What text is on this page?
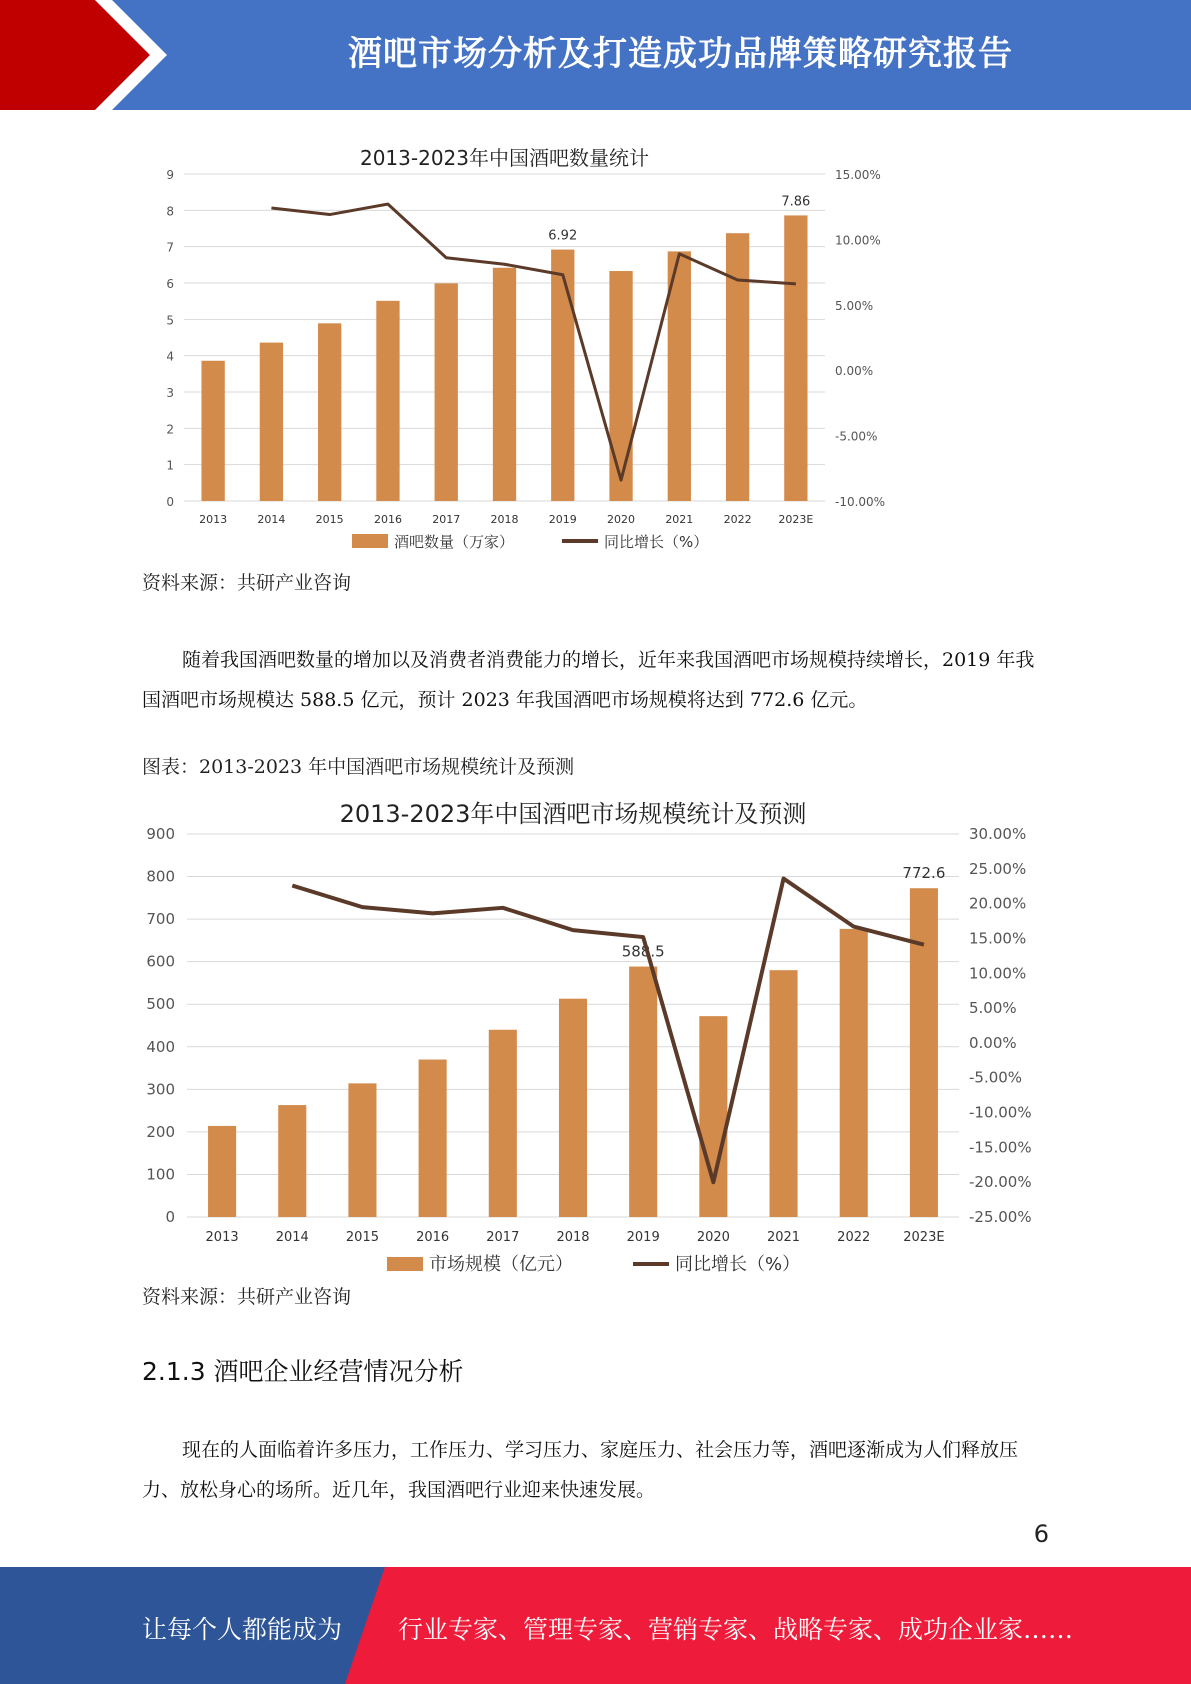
酒吧市场分析及打造成功品牌策略研究报告
2013-2023年中国酒吧数量统计
0
1
2
3
4
5
6
7
8
9
-10.00%
-5.00%
0.00%
5.00%
10.00%
15.00%
2013	2014	2015	2016	2017	2018	2019	2020	2021	2022 2023E
6.92
7.86
酒吧数量（万家）	同比增长（%）
资料来源：共研产业咨询
随着我国酒吧数量的增加以及消费者消费能力的增长，近年来我国酒吧市场规模持续增长，2019 年我国酒吧市场规模达 588.5 亿元，预计 2023 年我国酒吧市场规模将达到 772.6 亿元。
图表：2013-2023 年中国酒吧市场规模统计及预测
2013-2023年中国酒吧市场规模统计及预测
0
100
200
300
400
500
600
700
800
900
-25.00%
-20.00%
-15.00%
-10.00%
-5.00%
0.00%
5.00%
10.00%
15.00%
20.00%
25.00%
30.00%
2013	2014	2015	2016	2017	2018	2019	2020	2021	2022	2023E
588.5
772.6
市场规模（亿元）	同比增长（%）
资料来源：共研产业咨询
2.1.3 酒吧企业经营情况分析
现在的人面临着许多压力，工作压力、学习压力、家庭压力、社会压力等，酒吧逐渐成为人们释放压力、放松身心的场所。近几年，我国酒吧行业迎来快速发展。
6
让每个人都能成为 行业专家、管理专家、营销专家、战略专家、成功企业家……
